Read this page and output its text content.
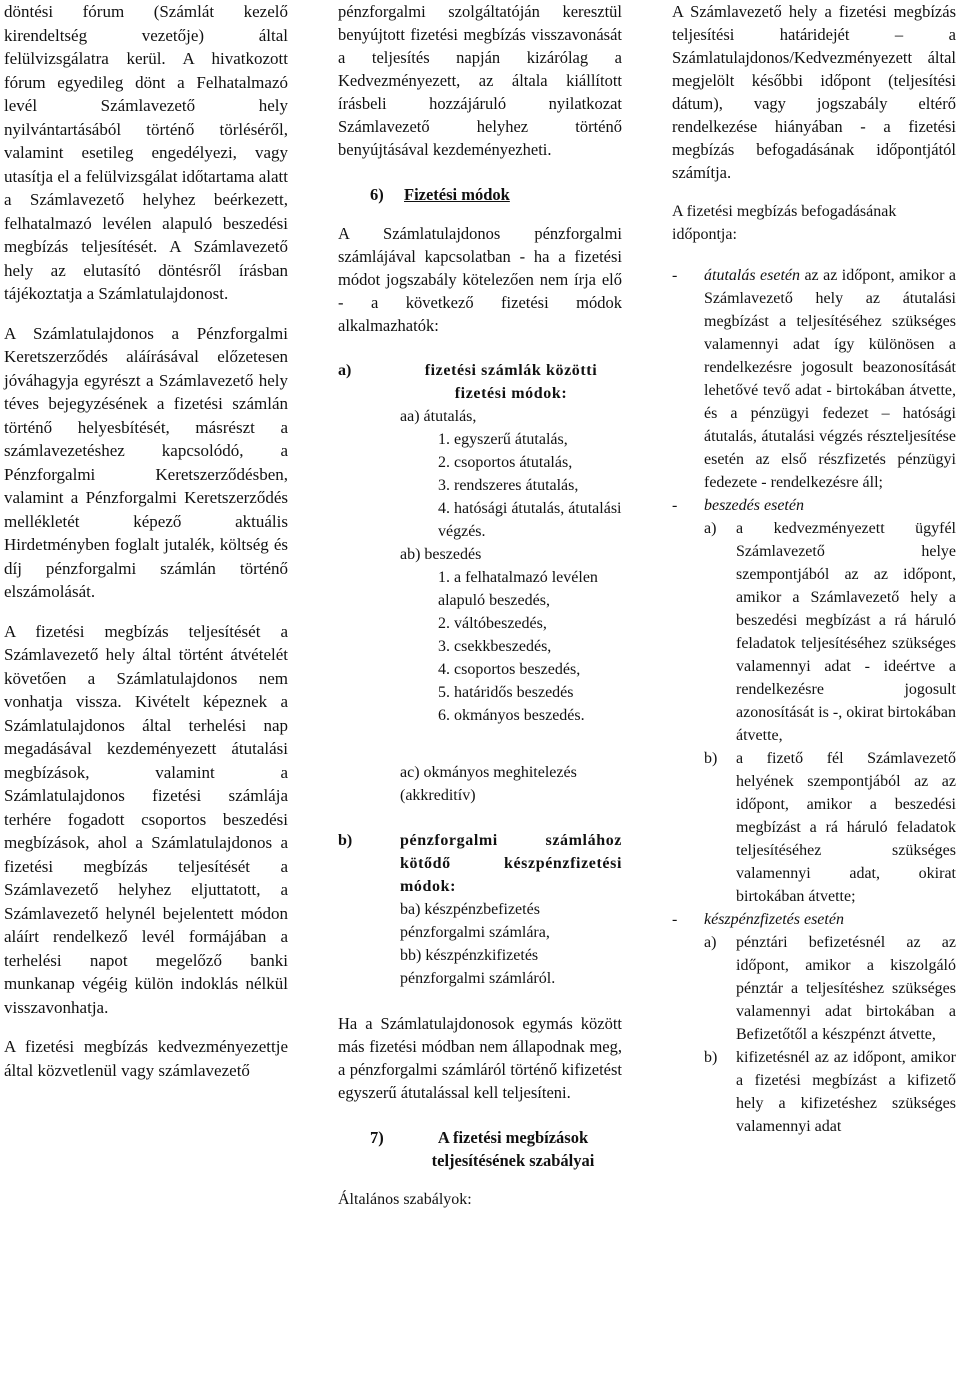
döntési fórum (Számlát kezelő kirendeltség vezetője) által felülvizsgálatra kerül. A hivatkozott fórum egyedileg dönt a Felhatalmazó levél Számlavezető hely nyilvántartásából történő törléséről, valamint esetileg engedélyezi, vagy utasítja el a felülvizsgálat időtartama alatt a Számlavezető helyhez beérkezett, felhatalmazó levélen alapuló beszedési megbízás teljesítését. A Számlavezető hely az elutasító döntésről írásban tájékoztatja a Számlatulajdonost.

A Számlatulajdonos a Pénzforgalmi Keretszerződés aláírásával előzetesen jóváhagyja egyrészt a Számlavezető hely téves bejegyzésének a fizetési számlán történő helyesbítését, másrészt a számlavezetéshez kapcsolódó, a Pénzforgalmi Keretszerződésben, valamint a Pénzforgalmi Keretszerződés mellékletét képező aktuális Hirdetményben foglalt jutalék, költség és díj pénzforgalmi számlán történő elszámolását.

A fizetési megbízás teljesítését a Számlavezető hely által történt átvételét követően a Számlatulajdonos nem vonhatja vissza. Kivételt képeznek a Számlatulajdonos által terhelési nap megadásával kezdeményezett átutalási megbízások, valamint a Számlatulajdonos fizetési számlája terhére fogadott csoportos beszedési megbízások, ahol a Számlatulajdonos a fizetési megbízás teljesítését a Számlavezető helyhez eljuttatott, a Számlavezető helynél bejelentett módon aláírt rendelkező levél formájában a terhelési napot megelőző banki munkanap végéig külön indoklás nélkül visszavonhatja.

A fizetési megbízás kedvezményezettje által közvetlenül vagy számlavezető

pénzforgalmi szolgáltatóján keresztül benyújtott fizetési megbízás visszavonását a teljesítés napján kizárólag a Kedvezményezett, az általa kiállított írásbeli hozzájáruló nyilatkozat Számlavezető helyhez történő benyújtásával kezdeményezheti.

6) Fizetési módok

A Számlatulajdonos pénzforgalmi számlájával kapcsolatban - ha a fizetési módot jogszabály kötelezően nem írja elő - a következő fizetési módok alkalmazhatók:

a)	fizetési számlák közötti fizetési módok:
aa) átutalás,
1. egyszerű átutalás,
2. csoportos átutalás,
3. rendszeres átutalás,
4. hatósági átutalás, átutalási végzés.
ab) beszedés
1. a felhatalmazó levélen alapuló beszedés,
2. váltóbeszedés,
3. csekkbeszedés,
4. csoportos beszedés,
5. határidős beszedés
6. okmányos beszedés.
ac) okmányos meghitelezés (akkreditív)
b)	pénzforgalmi számlához kötődő készpénzfizetési módok:
ba) készpénzbefizetés pénzforgalmi számlára,
bb) készpénzkifizetés pénzforgalmi számláról.

Ha a Számlatulajdonosok egymás között más fizetési módban nem állapodnak meg, a pénzforgalmi számláról történő kifizetést egyszerű átutalással kell teljesíteni.

7)	A fizetési megbízások teljesítésének szabályai

Általános szabályok:

A Számlavezető hely a fizetési megbízás teljesítési határidejét – a Számlatulajdonos/Kedvezményezett által megjelölt későbbi időpont (teljesítési dátum), vagy jogszabály eltérő rendelkezése hiányában - a fizetési megbízás befogadásának időpontjától számítja.

A fizetési megbízás befogadásának időpontja:

-	átutalás esetén az az időpont, amikor a Számlavezető hely az átutalási megbízást a teljesítéséhez szükséges valamennyi adat így különösen a rendelkezésre jogosult beazonosítását lehetővé tevő adat - birtokában átvette, és a pénzügyi fedezet – hatósági átutalás, átutalási végzés részteljesítése esetén az első részfizetés pénzügyi fedezete - rendelkezésre áll;
-	beszedés esetén
a)	a kedvezményezett ügyfél Számlavezető helye szempontjából az az időpont, amikor a Számlavezető hely a beszedési megbízást a rá háruló feladatok teljesítéséhez szükséges valamennyi adat - ideértve a rendelkezésre jogosult azonosítását is -, okirat birtokában átvette,
b)	a fizető fél Számlavezető helyének szempontjából az az időpont, amikor a beszedési megbízást a rá háruló feladatok teljesítéséhez szükséges valamennyi adat, okirat birtokában átvette;
-	készpénzfizetés esetén
a)	pénztári befizetésnél az az időpont, amikor a kiszolgáló pénztár a teljesítéshez szükséges valamennyi adat birtokában a Befizetőtől a készpénzt átvette,
b)	kifizetésnél az az időpont, amikor a fizetési megbízást a kifizető hely a kifizetéshez szükséges valamennyi adat
